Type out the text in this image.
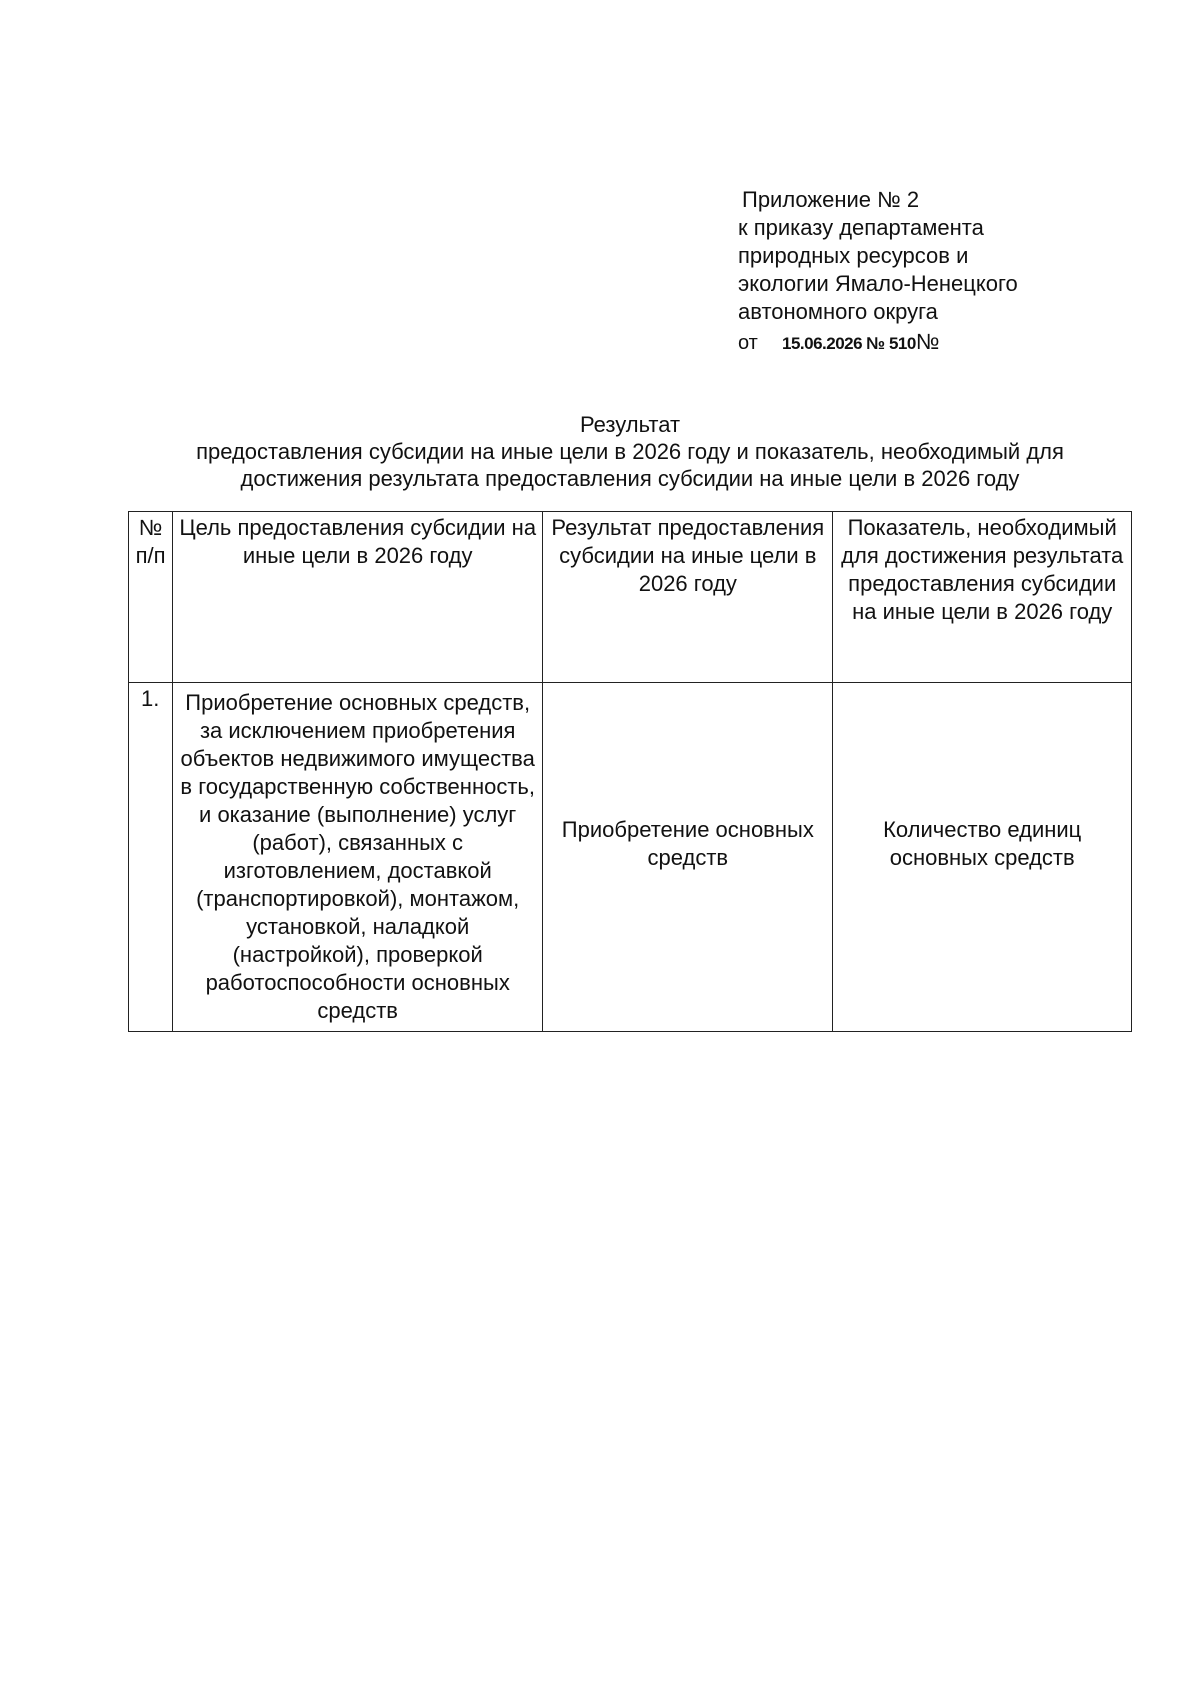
Приложение № 2
к приказу департамента
природных ресурсов и
экологии Ямало-Ненецкого
автономного округа
от 15.06.2026 № 510№
Результат
предоставления субсидии на иные цели в 2026 году и показатель, необходимый для
достижения результата предоставления субсидии на иные цели в 2026 году
№ п/п	Цель предоставления субсидии на иные цели в 2026 году	Результат предоставления субсидии на иные цели в 2026 году	Показатель, необходимый для достижения результата предоставления субсидии на иные цели в 2026 году
1.	Приобретение основных средств, за исключением приобретения объектов недвижимого имущества в государственную собственность, и оказание (выполнение) услуг (работ), связанных с изготовлением, доставкой (транспортировкой), монтажом, установкой, наладкой (настройкой), проверкой работоспособности основных средств	Приобретение основных средств	Количество единиц основных средств
